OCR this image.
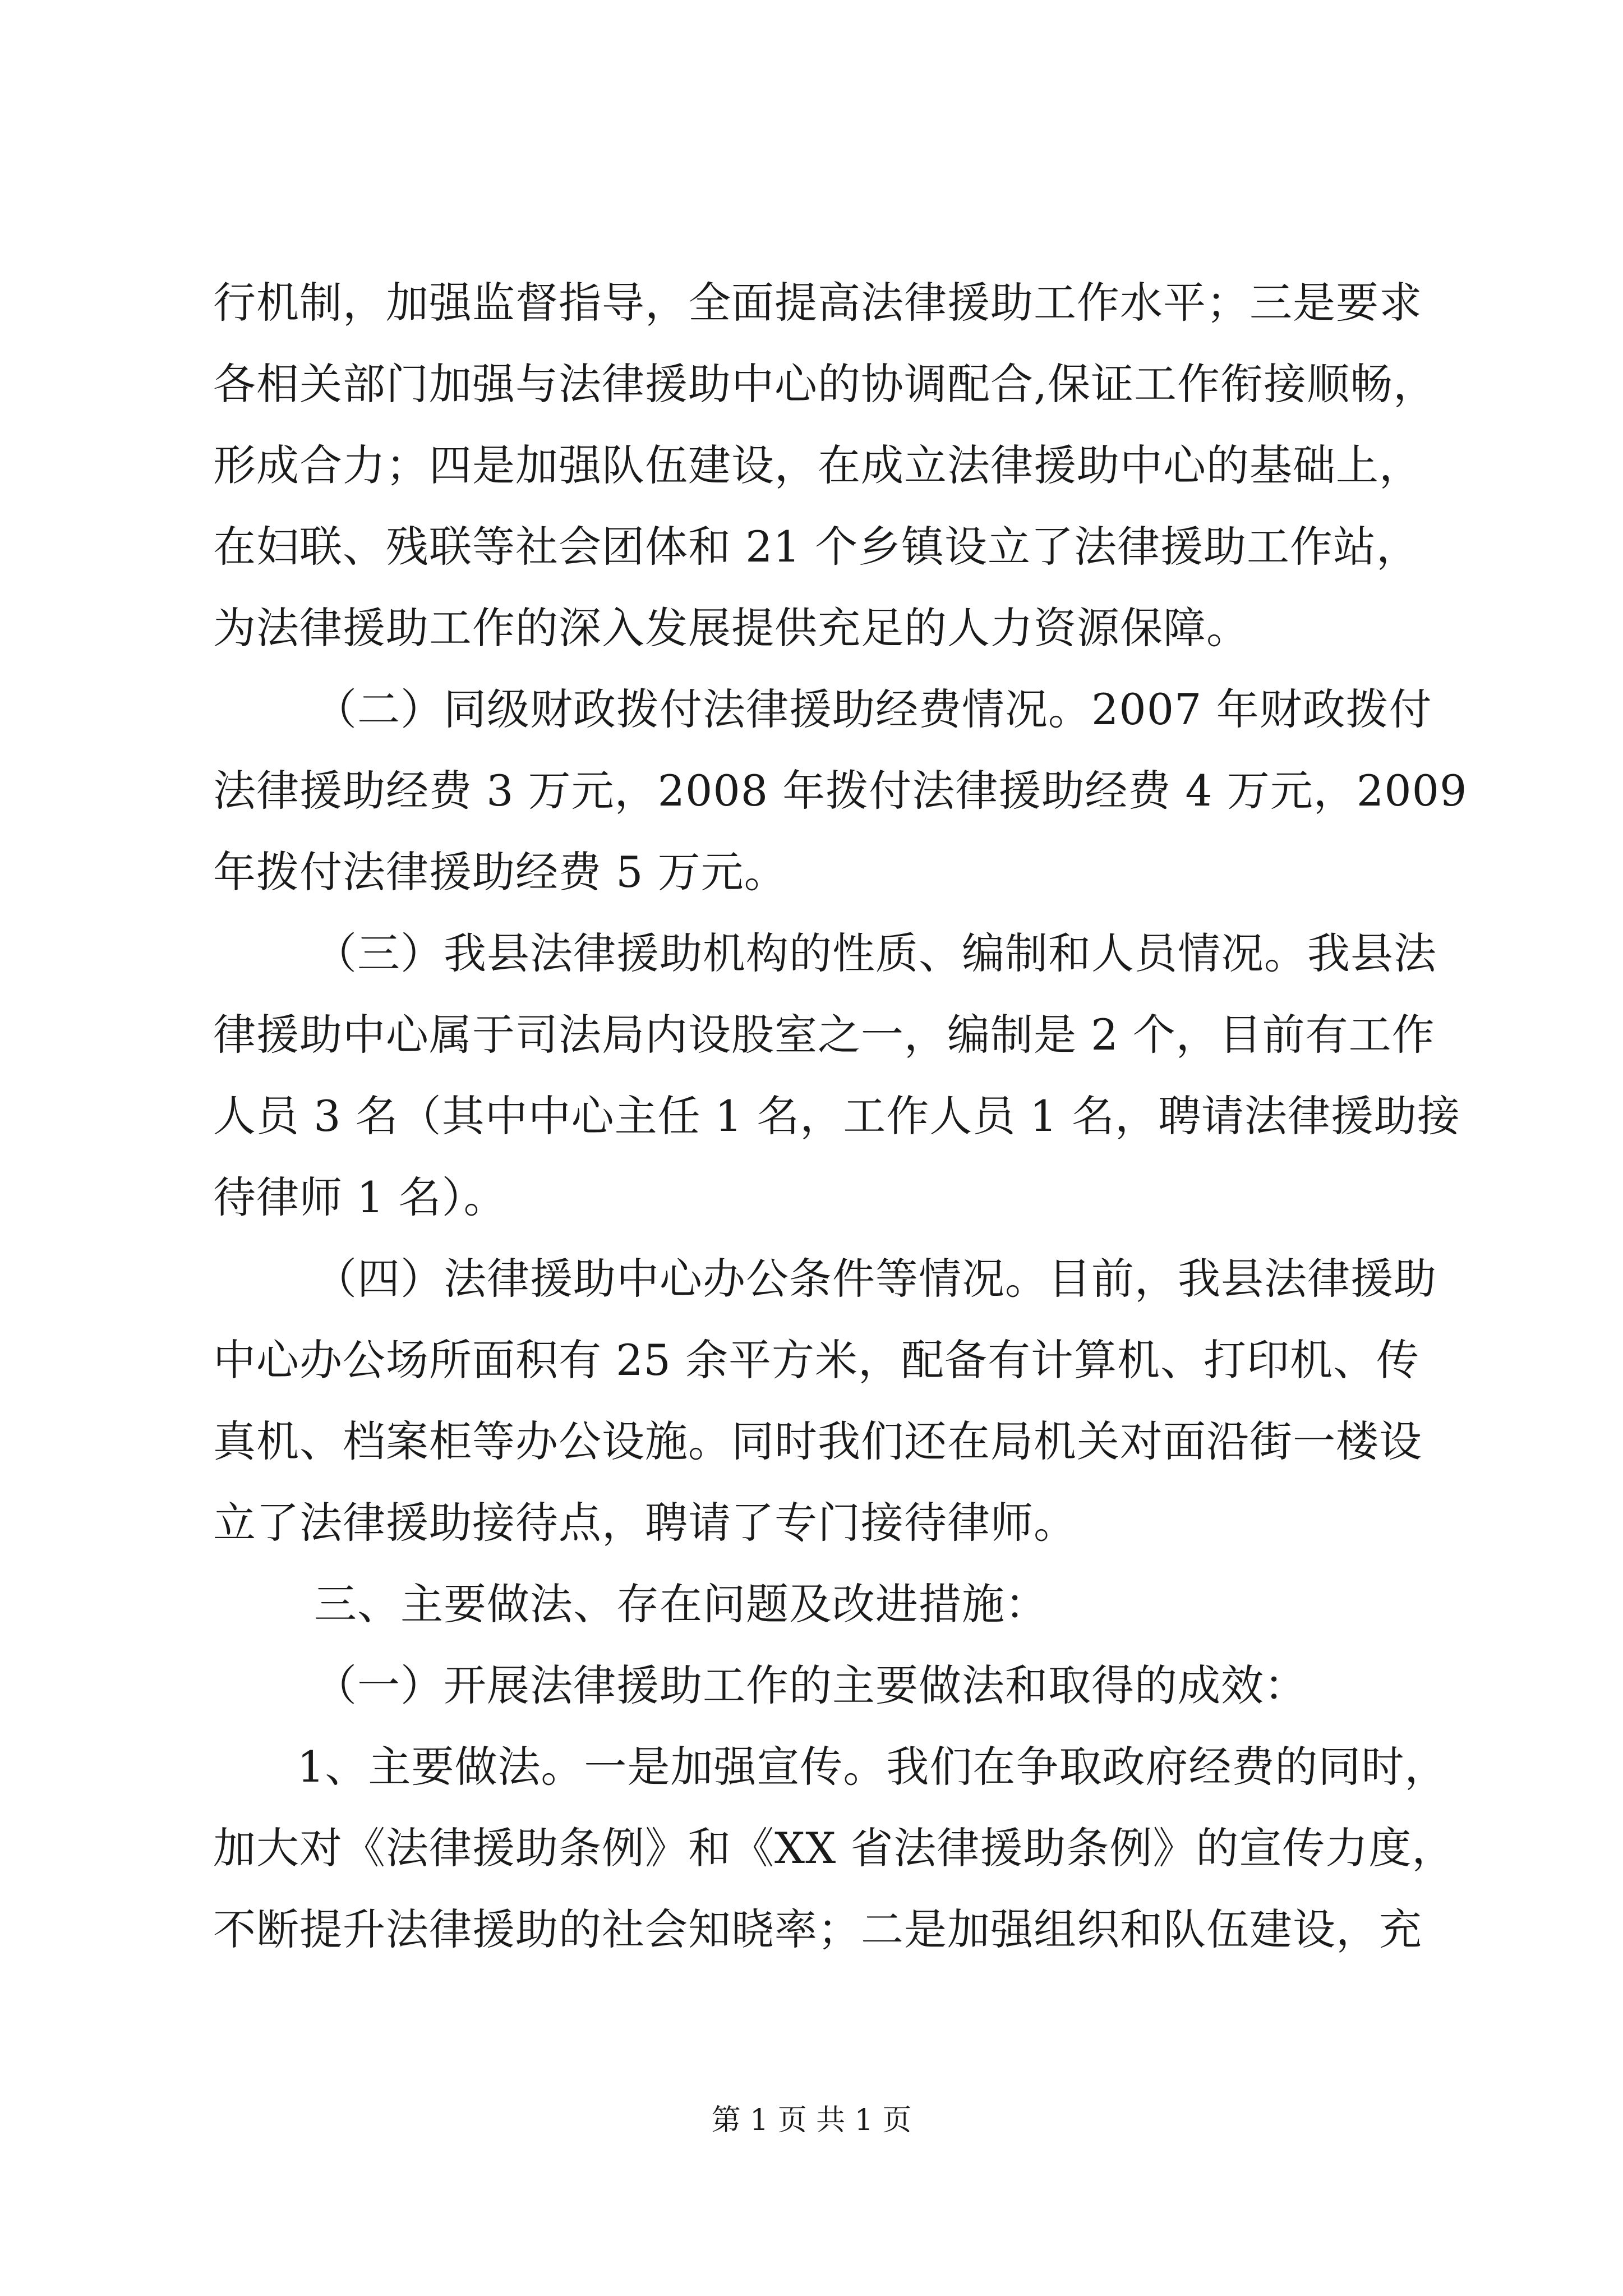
行机制，加强监督指导，全面提高法律援助工作水平；三是要求
各相关部门加强与法律援助中心的协调配合,保证工作衔接顺畅，
形成合力；四是加强队伍建设，在成立法律援助中心的基础上，
在妇联、残联等社会团体和 21 个乡镇设立了法律援助工作站，
为法律援助工作的深入发展提供充足的人力资源保障。
（二）同级财政拨付法律援助经费情况。2007 年财政拨付
法律援助经费 3 万元，2008 年拨付法律援助经费 4 万元，2009
年拨付法律援助经费 5 万元。
（三）我县法律援助机构的性质、编制和人员情况。我县法
律援助中心属于司法局内设股室之一，编制是 2 个，目前有工作
人员 3 名（其中中心主任 1 名，工作人员 1 名，聘请法律援助接
待律师 1 名）。
（四）法律援助中心办公条件等情况。目前，我县法律援助
中心办公场所面积有 25 余平方米，配备有计算机、打印机、传
真机、档案柜等办公设施。同时我们还在局机关对面沿街一楼设
立了法律援助接待点，聘请了专门接待律师。
三、主要做法、存在问题及改进措施：
（一）开展法律援助工作的主要做法和取得的成效：
1、主要做法。一是加强宣传。我们在争取政府经费的同时，
加大对《法律援助条例》和《XX 省法律援助条例》的宣传力度，
不断提升法律援助的社会知晓率；二是加强组织和队伍建设，充
第 1 页 共 1 页
